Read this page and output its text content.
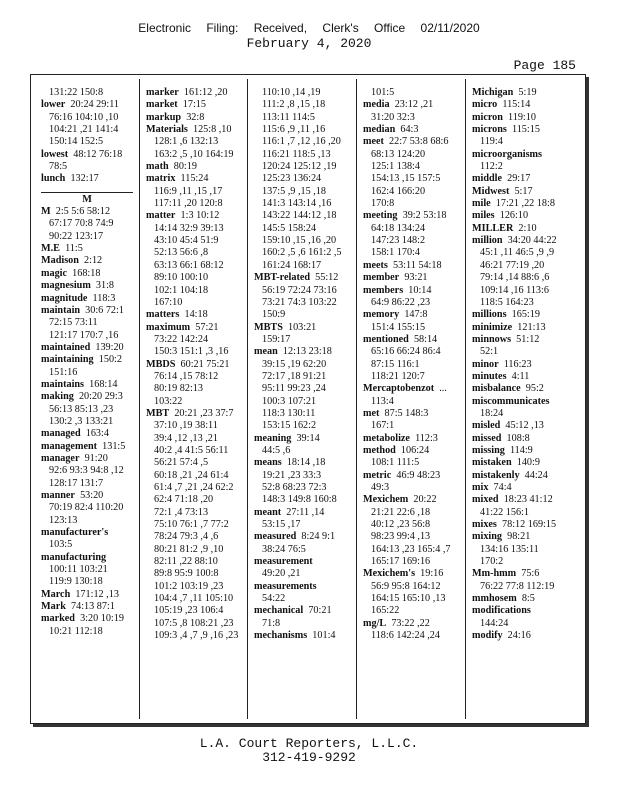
Electronic Filing: Received, Clerk's Office 02/11/2020
February 4, 2020
Page 185
131:22 150:8
lower 20:24 29:11
76:16 104:10 ,10
104:21 ,21 141:4
150:14 152:5
lowest 48:12 76:18
78:5
lunch 132:17
M
M 2:5 5:6 58:12
67:17 70:8 74:9
90:22 123:17
M.E 11:5
Madison 2:12
magic 168:18
magnesium 31:8
magnitude 118:3
maintain 30:6 72:1
72:15 73:11
121:17 170:7 ,16
maintained 139:20
maintaining 150:2
151:16
maintains 168:14
making 20:20 29:3
56:13 85:13 ,23
130:2 ,3 133:21
managed 163:4
management 131:5
manager 91:20
92:6 93:3 94:8 ,12
128:17 131:7
manner 53:20
70:19 82:4 110:20
123:13
manufacturer's
103:5
manufacturing
100:11 103:21
119:9 130:18
March 171:12 ,13
Mark 74:13 87:1
marked 3:20 10:19
10:21 112:18
marker 161:12 ,20
market 17:15
markup 32:8
Materials 125:8 ,10
128:1 ,6 132:13
163:2 ,5 ,10 164:19
math 80:19
matrix 115:24
116:9 ,11 ,15 ,17
117:11 ,20 120:8
matter 1:3 10:12
14:14 32:9 39:13
43:10 45:4 51:9
52:13 56:6 ,8
63:13 66:1 68:12
89:10 100:10
102:1 104:18
167:10
matters 14:18
maximum 57:21
73:22 142:24
150:3 151:1 ,3 ,16
MBDS 60:21 75:21
76:14 ,15 78:12
80:19 82:13
103:22
MBT 20:21 ,23 37:7
37:10 ,19 38:11
39:4 ,12 ,13 ,21
40:2 ,4 41:5 56:11
56:21 57:4 ,5
60:18 ,21 ,24 61:4
61:4 ,7 ,21 ,24 62:2
62:4 71:18 ,20
72:1 ,4 73:13
75:10 76:1 ,7 77:2
78:24 79:3 ,4 ,6
80:21 81:2 ,9 ,10
82:11 ,22 88:10
89:8 95:9 100:8
101:2 103:19 ,23
104:4 ,7 ,11 105:10
105:19 ,23 106:4
107:5 ,8 108:21 ,23
109:3 ,4 ,7 ,9 ,16 ,23
110:10 ,14 ,19
111:2 ,8 ,15 ,18
113:11 114:5
115:6 ,9 ,11 ,16
116:1 ,7 ,12 ,16 ,20
116:21 118:5 ,13
120:24 125:12 ,19
125:23 136:24
137:5 ,9 ,15 ,18
141:3 143:14 ,16
143:22 144:12 ,18
145:5 158:24
159:10 ,15 ,16 ,20
160:2 ,5 ,6 161:2 ,5
161:24 168:17
MBT-related 55:12
56:19 72:24 73:16
73:21 74:3 103:22
150:9
MBTS 103:21
159:17
mean 12:13 23:18
39:15 ,19 62:20
72:17 ,18 91:21
95:11 99:23 ,24
100:3 107:21
118:3 130:11
153:15 162:2
meaning 39:14
44:5 ,6
means 18:14 ,18
19:21 ,23 33:3
52:8 68:23 72:3
148:3 149:8 160:8
meant 27:11 ,14
53:15 ,17
measured 8:24 9:1
38:24 76:5
measurement
49:20 ,21
measurements
54:22
mechanical 70:21
71:8
mechanisms 101:4
101:5
media 23:12 ,21
31:20 32:3
median 64:3
meet 22:7 53:8 68:6
68:13 124:20
125:1 138:4
154:13 ,15 157:5
162:4 166:20
170:8
meeting 39:2 53:18
64:18 134:24
147:23 148:2
158:1 170:4
meets 53:11 54:18
member 93:21
members 10:14
64:9 86:22 ,23
memory 147:8
151:4 155:15
mentioned 58:14
65:16 66:24 86:4
87:15 116:1
118:21 120:7
Mercaptobenzot ...
113:4
met 87:5 148:3
167:1
metabolize 112:3
method 106:24
108:1 111:5
metric 46:9 48:23
49:3
Mexichem 20:22
21:21 22:6 ,18
40:12 ,23 56:8
98:23 99:4 ,13
164:13 ,23 165:4 ,7
165:17 169:16
Mexichem's 19:16
56:9 95:8 164:12
164:15 165:10 ,13
165:22
mg/L 73:22 ,22
118:6 142:24 ,24
Michigan 5:19
micro 115:14
micron 119:10
microns 115:15
119:4
microorganisms
112:2
middle 29:17
Midwest 5:17
mile 17:21 ,22 18:8
miles 126:10
MILLER 2:10
million 34:20 44:22
45:1 ,11 46:5 ,9 ,9
46:21 77:19 ,20
79:14 ,14 88:6 ,6
109:14 ,16 113:6
118:5 164:23
millions 165:19
minimize 121:13
minnows 51:12
52:1
minor 116:23
minutes 4:11
misbalance 95:2
miscommunicates
18:24
misled 45:12 ,13
missed 108:8
missing 114:9
mistaken 140:9
mistakenly 44:24
mix 74:4
mixed 18:23 41:12
41:22 156:1
mixes 78:12 169:15
mixing 98:21
134:16 135:11
170:2
Mm-hmm 75:6
76:22 77:8 112:19
mmhosem 8:5
modifications
144:24
modify 24:16
L.A. Court Reporters, L.L.C.
312-419-9292
